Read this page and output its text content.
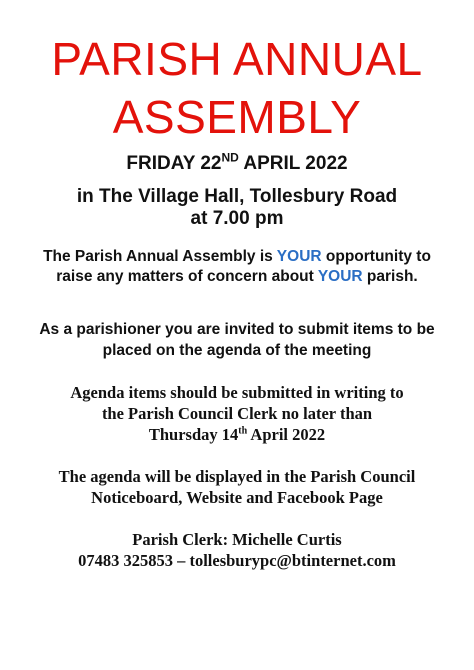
PARISH ANNUAL
ASSEMBLY
FRIDAY 22ND APRIL 2022
in The Village Hall, Tollesbury Road
at 7.00 pm
The Parish Annual Assembly is YOUR opportunity to
raise any matters of concern about YOUR parish.
As a parishioner you are invited to submit items to be
placed on the agenda of the meeting
Agenda items should be submitted in writing to
the Parish Council Clerk no later than
Thursday 14th April 2022
The agenda will be displayed in the Parish Council
Noticeboard, Website and Facebook Page
Parish Clerk: Michelle Curtis
07483 325853 – tollesburypc@btinternet.com
